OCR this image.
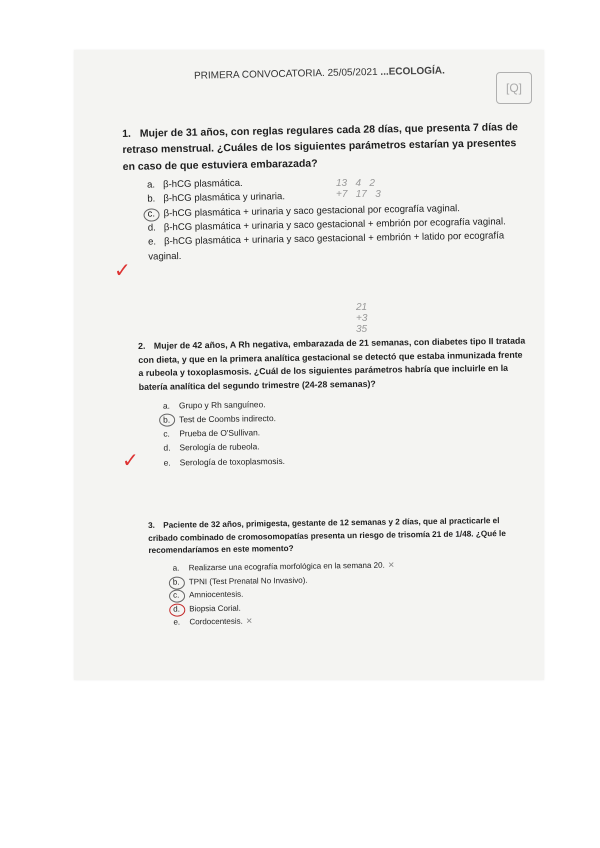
PRIMERA CONVOCATORIA. 25/05/2021 ...ECOLOGÍA.
[Q]
1. Mujer de 31 años, con reglas regulares cada 28 días, que presenta 7 días de retraso menstrual. ¿Cuáles de los siguientes parámetros estarían ya presentes en caso de que estuviera embarazada?
a. β-hCG plasmática.
b. β-hCG plasmática y urinaria.
c. β-hCG plasmática + urinaria y saco gestacional por ecografía vaginal.
d. β-hCG plasmática + urinaria y saco gestacional + embrión por ecografía vaginal.
e. β-hCG plasmática + urinaria y saco gestacional + embrión + latido por ecografía vaginal.
✓
13   4   2
+7   17   3
21
+3
35
2. Mujer de 42 años, A Rh negativa, embarazada de 21 semanas, con diabetes tipo II tratada con dieta, y que en la primera analítica gestacional se detectó que estaba inmunizada frente a rubeola y toxoplasmosis. ¿Cuál de los siguientes parámetros habría que incluirle en la batería analítica del segundo trimestre (24-28 semanas)?
a. Grupo y Rh sanguíneo.
b. Test de Coombs indirecto.
c. Prueba de O'Sullivan.
d. Serología de rubeola.
e. Serología de toxoplasmosis.
✓
3. Paciente de 32 años, primigesta, gestante de 12 semanas y 2 días, que al practicarle el cribado combinado de cromosomopatías presenta un riesgo de trisomía 21 de 1/48. ¿Qué le recomendaríamos en este momento?
a. Realizarse una ecografía morfológica en la semana 20. ✕
b. TPNI (Test Prenatal No Invasivo).
c. Amniocentesis.
d. Biopsia Corial.
e. Cordocentesis. ✕
